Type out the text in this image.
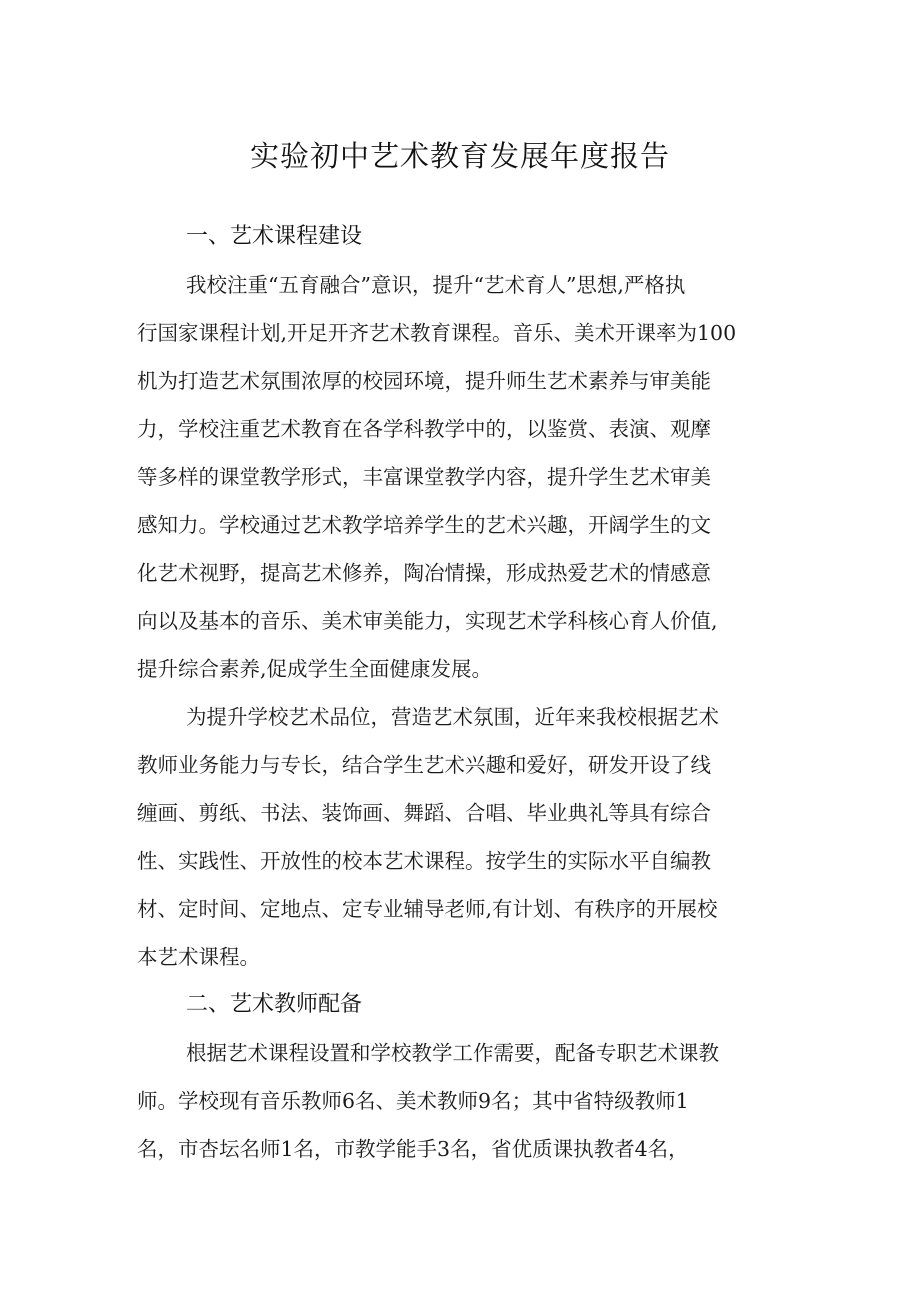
实验初中艺术教育发展年度报告
一、艺术课程建设
我校注重“五育融合”意识，提升“艺术育人”思想,严格执
行国家课程计划,开足开齐艺术教育课程。音乐、美术开课率为100
机为打造艺术氛围浓厚的校园环境，提升师生艺术素养与审美能
力，学校注重艺术教育在各学科教学中的，以鉴赏、表演、观摩
等多样的课堂教学形式，丰富课堂教学内容，提升学生艺术审美
感知力。学校通过艺术教学培养学生的艺术兴趣，开阔学生的文
化艺术视野，提高艺术修养，陶冶情操，形成热爱艺术的情感意
向以及基本的音乐、美术审美能力，实现艺术学科核心育人价值,
提升综合素养,促成学生全面健康发展。
为提升学校艺术品位，营造艺术氛围，近年来我校根据艺术
教师业务能力与专长，结合学生艺术兴趣和爱好，研发开设了线
缠画、剪纸、书法、装饰画、舞蹈、合唱、毕业典礼等具有综合
性、实践性、开放性的校本艺术课程。按学生的实际水平自编教
材、定时间、定地点、定专业辅导老师,有计划、有秩序的开展校
本艺术课程。
二、艺术教师配备
根据艺术课程设置和学校教学工作需要，配备专职艺术课教
师。学校现有音乐教师6名、美术教师9名；其中省特级教师1
名，市杏坛名师1名，市教学能手3名，省优质课执教者4名，
